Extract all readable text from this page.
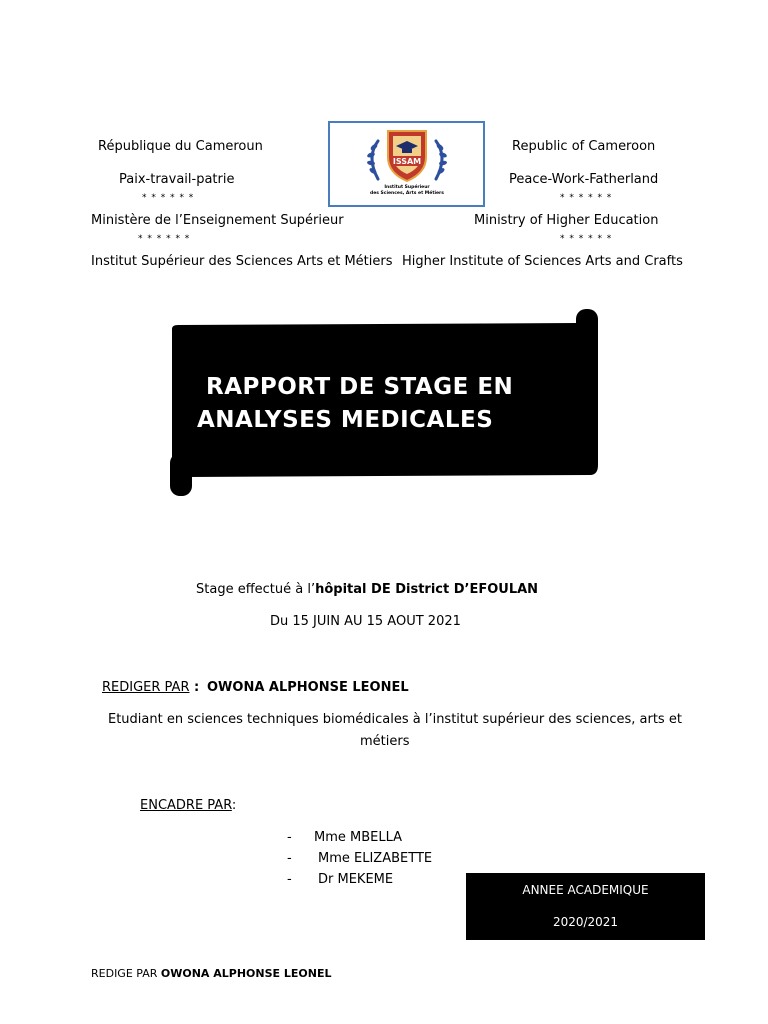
République du Cameroun
Paix-travail-patrie
* * * * * *
Ministère de l’Enseignement Supérieur
* * * * * *
Institut Supérieur des Sciences Arts et Métiers
Republic of Cameroon
Peace-Work-Fatherland
* * * * * *
Ministry of Higher Education
* * * * * *
Higher Institute of Sciences Arts and Crafts
ISSAM
Institut Supérieur
des Sciences, Arts et Métiers
RAPPORT DE STAGE EN
ANALYSES MEDICALES
Stage effectué à l’hôpital DE District D’EFOULAN
Du 15 JUIN AU 15 AOUT 2021
REDIGER PAR : OWONA ALPHONSE LEONEL
Etudiant en sciences techniques biomédicales à l’institut supérieur des sciences, arts et
métiers
ENCADRE PAR:
- Mme MBELLA
- Mme ELIZABETTE
- Dr MEKEME
ANNEE ACADEMIQUE
2020/2021
REDIGE PAR OWONA ALPHONSE LEONEL
